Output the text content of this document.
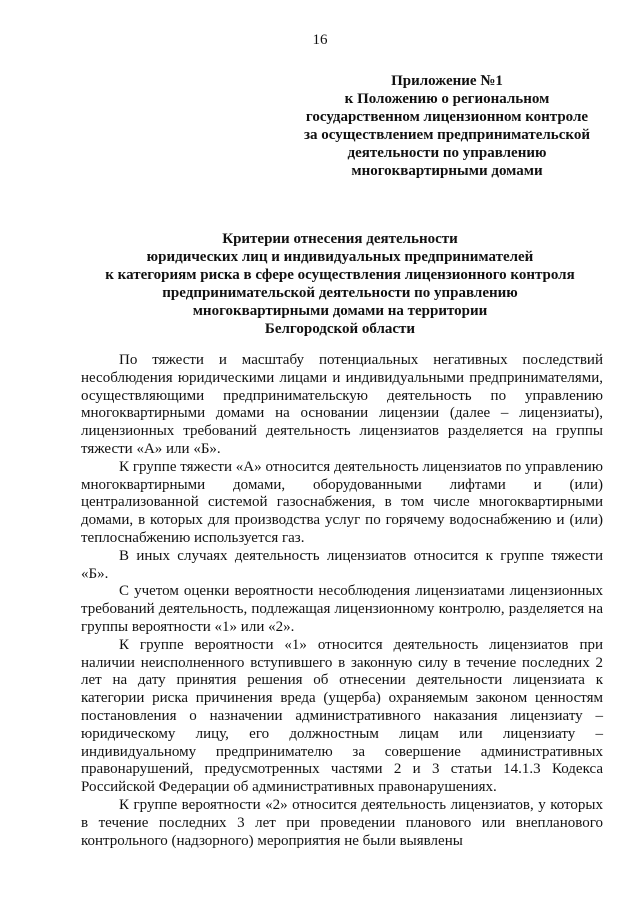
16
Приложение №1
к Положению о региональном
государственном лицензионном контроле
за осуществлением предпринимательской
деятельности по управлению
многоквартирными домами
Критерии отнесения деятельности
юридических лиц и индивидуальных предпринимателей
к категориям риска в сфере осуществления лицензионного контроля
предпринимательской деятельности по управлению
многоквартирными домами на территории
Белгородской области

По тяжести и масштабу потенциальных негативных последствий несоблюдения юридическими лицами и индивидуальными предпринимателями, осуществляющими предпринимательскую деятельность по управлению многоквартирными домами на основании лицензии (далее – лицензиаты), лицензионных требований деятельность лицензиатов разделяется на группы тяжести «А» или «Б».

К группе тяжести «А» относится деятельность лицензиатов по управлению многоквартирными домами, оборудованными лифтами и (или) централизованной системой газоснабжения, в том числе многоквартирными домами, в которых для производства услуг по горячему водоснабжению и (или) теплоснабжению используется газ.

В иных случаях деятельность лицензиатов относится к группе тяжести «Б».

С учетом оценки вероятности несоблюдения лицензиатами лицензионных требований деятельность, подлежащая лицензионному контролю, разделяется на группы вероятности «1» или «2».

К группе вероятности «1» относится деятельность лицензиатов при наличии неисполненного вступившего в законную силу в течение последних 2 лет на дату принятия решения об отнесении деятельности лицензиата к категории риска причинения вреда (ущерба) охраняемым законом ценностям постановления о назначении административного наказания лицензиату – юридическому лицу, его должностным лицам или лицензиату – индивидуальному предпринимателю за совершение административных правонарушений, предусмотренных частями 2 и 3 статьи 14.1.3 Кодекса Российской Федерации об административных правонарушениях.

К группе вероятности «2» относится деятельность лицензиатов, у которых в течение последних 3 лет при проведении планового или внепланового контрольного (надзорного) мероприятия не были выявлены
